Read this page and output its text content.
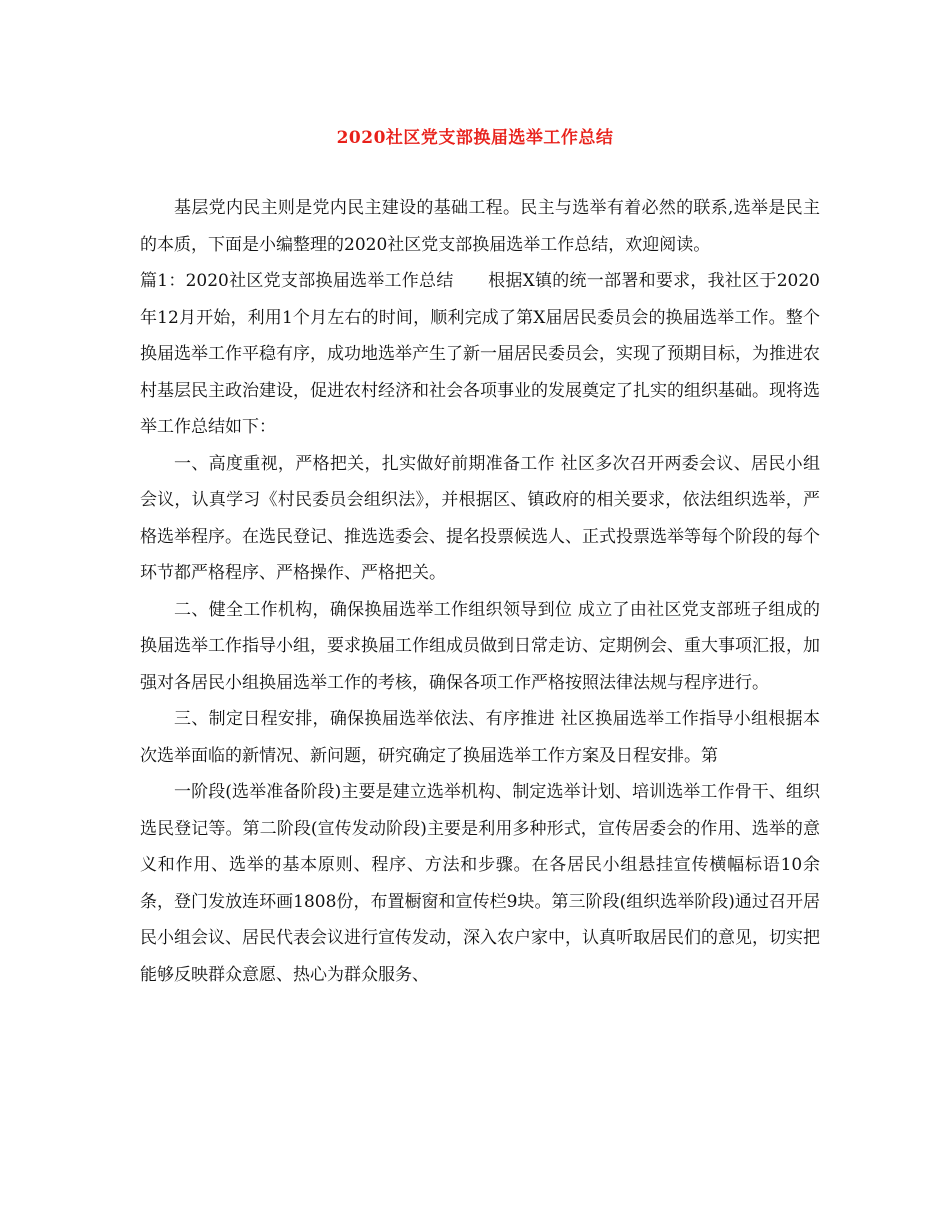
2020社区党支部换届选举工作总结

基层党内民主则是党内民主建设的基础工程。民主与选举有着必然的联系,选举是民主的本质，下面是小编整理的2020社区党支部换届选举工作总结，欢迎阅读。

篇1：2020社区党支部换届选举工作总结　　根据X镇的统一部署和要求，我社区于2020年12月开始，利用1个月左右的时间，顺利完成了第X届居民委员会的换届选举工作。整个换届选举工作平稳有序，成功地选举产生了新一届居民委员会，实现了预期目标，为推进农村基层民主政治建设，促进农村经济和社会各项事业的发展奠定了扎实的组织基础。现将选举工作总结如下：

一、高度重视，严格把关，扎实做好前期准备工作 社区多次召开两委会议、居民小组会议，认真学习《村民委员会组织法》，并根据区、镇政府的相关要求，依法组织选举，严格选举程序。在选民登记、推选选委会、提名投票候选人、正式投票选举等每个阶段的每个环节都严格程序、严格操作、严格把关。

二、健全工作机构，确保换届选举工作组织领导到位 成立了由社区党支部班子组成的换届选举工作指导小组，要求换届工作组成员做到日常走访、定期例会、重大事项汇报，加强对各居民小组换届选举工作的考核，确保各项工作严格按照法律法规与程序进行。

三、制定日程安排，确保换届选举依法、有序推进 社区换届选举工作指导小组根据本次选举面临的新情况、新问题，研究确定了换届选举工作方案及日程安排。第

一阶段(选举准备阶段)主要是建立选举机构、制定选举计划、培训选举工作骨干、组织选民登记等。第二阶段(宣传发动阶段)主要是利用多种形式，宣传居委会的作用、选举的意义和作用、选举的基本原则、程序、方法和步骤。在各居民小组悬挂宣传横幅标语10余条，登门发放连环画1808份，布置橱窗和宣传栏9块。第三阶段(组织选举阶段)通过召开居民小组会议、居民代表会议进行宣传发动，深入农户家中，认真听取居民们的意见，切实把能够反映群众意愿、热心为群众服务、
